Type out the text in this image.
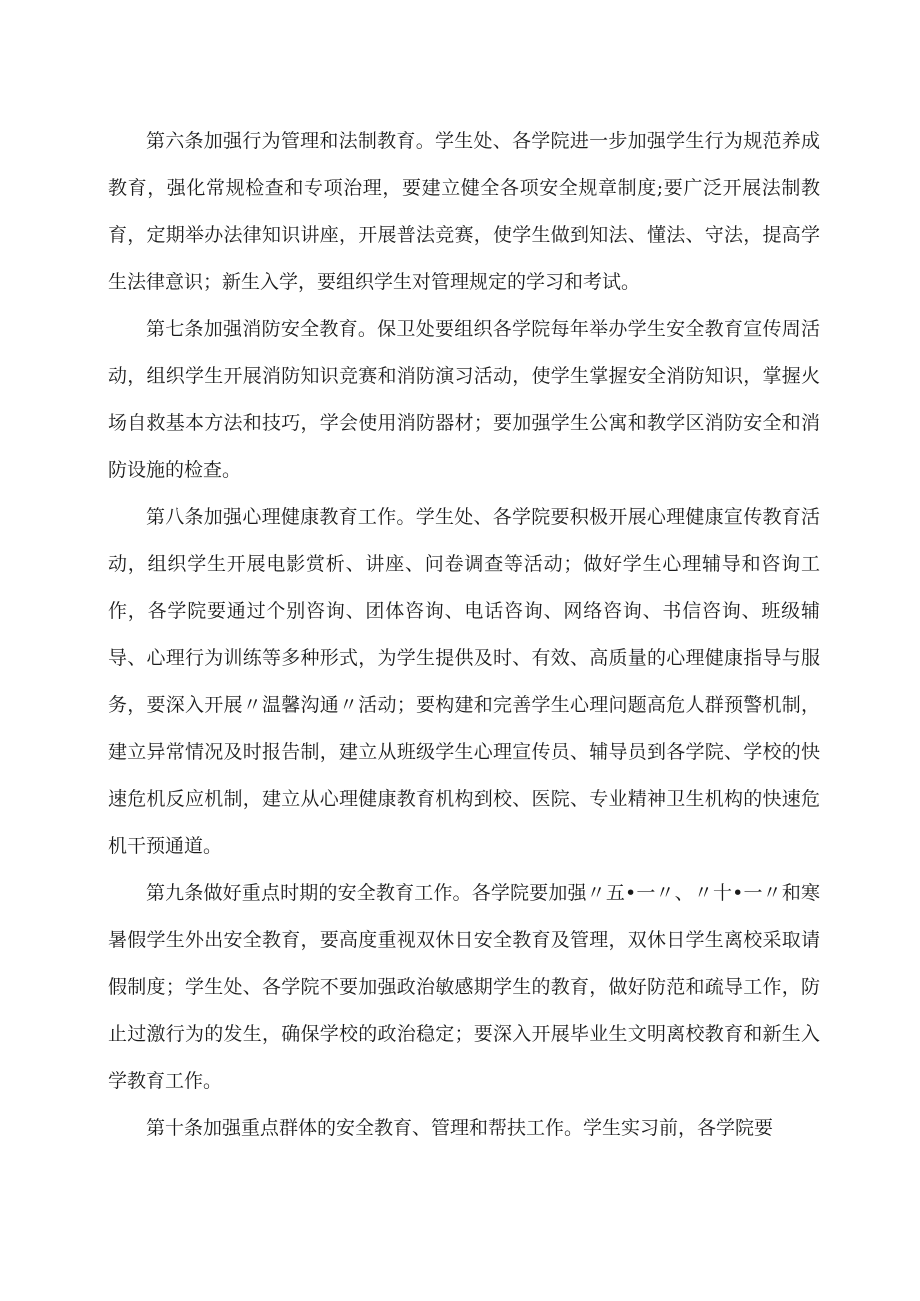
第六条加强行为管理和法制教育。学生处、各学院进一步加强学生行为规范养成教育，强化常规检查和专项治理，要建立健全各项安全规章制度;要广泛开展法制教育，定期举办法律知识讲座，开展普法竞赛，使学生做到知法、懂法、守法，提高学生法律意识；新生入学，要组织学生对管理规定的学习和考试。

第七条加强消防安全教育。保卫处要组织各学院每年举办学生安全教育宣传周活动，组织学生开展消防知识竞赛和消防演习活动，使学生掌握安全消防知识，掌握火场自救基本方法和技巧，学会使用消防器材；要加强学生公寓和教学区消防安全和消防设施的检查。

第八条加强心理健康教育工作。学生处、各学院要积极开展心理健康宣传教育活动，组织学生开展电影赏析、讲座、问卷调查等活动；做好学生心理辅导和咨询工作，各学院要通过个别咨询、团体咨询、电话咨询、网络咨询、书信咨询、班级辅导、心理行为训练等多种形式，为学生提供及时、有效、高质量的心理健康指导与服务，要深入开展〃温馨沟通〃活动；要构建和完善学生心理问题高危人群预警机制，建立异常情况及时报告制，建立从班级学生心理宣传员、辅导员到各学院、学校的快速危机反应机制，建立从心理健康教育机构到校、医院、专业精神卫生机构的快速危机干预通道。

第九条做好重点时期的安全教育工作。各学院要加强〃五•一〃、〃十•一〃和寒暑假学生外出安全教育，要高度重视双休日安全教育及管理，双休日学生离校采取请假制度；学生处、各学院不要加强政治敏感期学生的教育，做好防范和疏导工作，防止过激行为的发生，确保学校的政治稳定；要深入开展毕业生文明离校教育和新生入学教育工作。

第十条加强重点群体的安全教育、管理和帮扶工作。学生实习前，各学院要
